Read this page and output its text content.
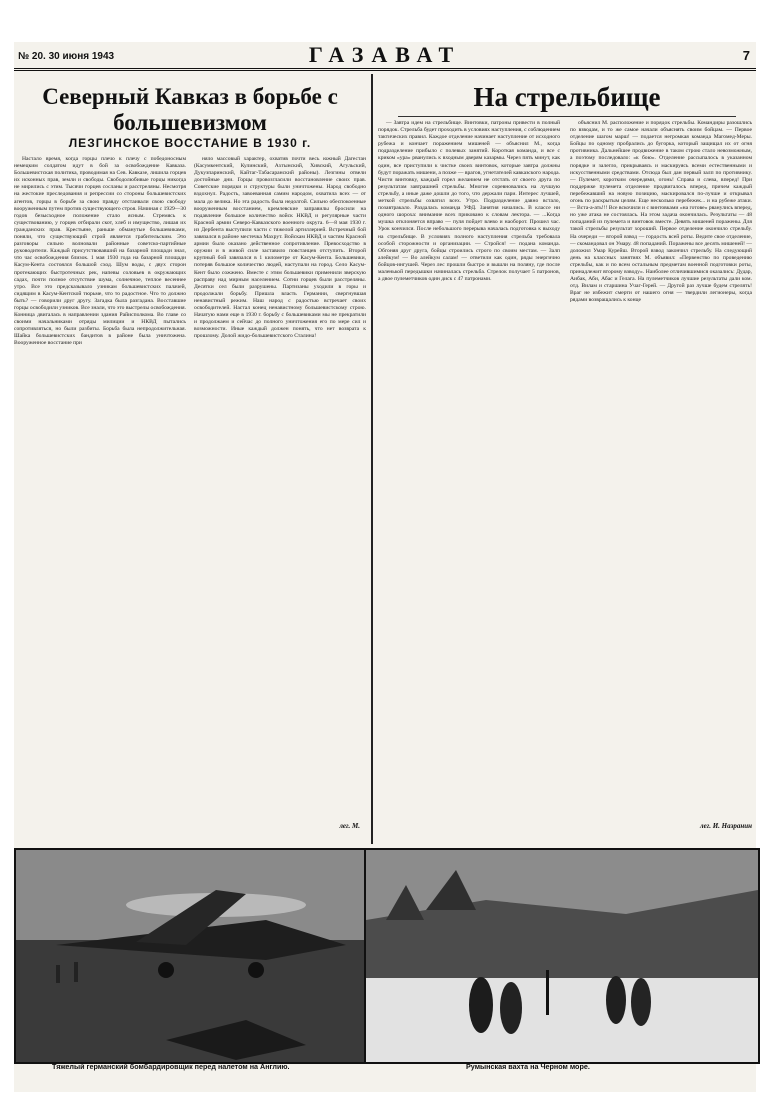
№ 20. 30 июня 1943	ГАЗАВАТ	7
Северный Кавказ в борьбе с большевизмом
ЛЕЗГИНСКОЕ ВОССТАНИЕ В 1930 г.

Настало время, когда горцы плечо к плечу с победоносным немецким солдатом идут в бой за освобождение Кавказа. Большевистская политика, проводимая на Сев. Кавказе, лишила горцев их исконных прав, земли и свободы. Свободолюбивые горцы никогда не мирились с этим. Тысячи горцев сосланы и расстреляны. Несмотря на жестокие преследования и репрессии со стороны большевистских агентов, горцы в борьбе за свою правду отстаивали свою свободу вооруженным путем против существующего строя. Начиная с 1929—30 годов безысходное положение стало ясным. Стремясь к существованию, у горцев отбирали скот, хлеб и имущество, лишая их гражданских прав. Крестьяне, раньше обманутые большевиками, поняли, что существующий строй является грабительским. Это разговоры сильно волновали районные советско-партийные руководители. Каждый присутствовавший на базарной площади знал, что час освобождения близок. 1 мая 1930 года на базарной площади Касум-Кента состоялся большой сход. Шум воды, с двух сторон протекающих быстротечных рек, напевы соловьев в окружающих садах, почти полное отсутствие шума, солнечное, теплое весеннее утро. Все это предсказывало узникам большевистских палачей, сидящим в Касум-Кентской тюрьме, что то радостное. Что то должно быть? — говорили друг другу. Загадка была разгадана. Восставшие горцы освободили узников. Все знали, что это выстрелы освобождения. Конница двигалась в направлении здания Райисполкома. Во главе со своими начальниками отряды милиции и НКВД пытались сопротивляться, но были разбиты. Борьба была непродолжительная. Шайка большевистских бандитов в районе была уничтожена. Вооруженное восстание при

няло массовый характер, охватив почти весь южный Дагестан (Касумкентский, Кулинский, Ахтынский, Хивский, Агульский, Дукузпаринский, Кайтаг-Табасаранский районы). Лезгины отвели достойные дни. Горцы провозгласили восстановление своих прав. Советские порядки и структуры были уничтожены. Народ свободно вздохнул. Радость, завоеванная самим народом, охватила всех — от мала до велика. Но эта радость была недолгой. Сильно обеспокоенные вооруженным восстанием, кремлевские заправилы бросили на подавление большое количество войск НКВД и регулярные части Красной армии Северо-Кавказского военного округа. 6—8 мая 1930 г. из Дербента выступили части с тяжелой артиллерией. Встречный бой завязался в районе местечка Махрут. Войскам НКВД и частям Красной армии было оказано действенное сопротивление. Превосходство в оружии и в живой силе заставило повстанцев отступить. Второй крупный бой завязался в 1 километре от Касум-Кента. Большевики, потеряв большое количество людей, наступали на город. Село Касум-Кент было сожжено. Вместе с этим большевики применили зверскую расправу над мирным населением. Сотни горцев были расстреляны. Десятки сел были разрушены. Партизаны уходили в горы и продолжали борьбу. Пришла власть Германии, свергнувшая ненавистный режим. Наш народ с радостью встречает своих освободителей. Настал конец ненавистному большевистскому строю. Начатую нами еще в 1930 г. борьбу с большевиками мы не прекратили и продолжаем и сейчас до полного уничтожения его по мере сил и возможности. Иные каждый должен понять, что нет возврата к прошлому. Долой жидо-большевистского Сталина!

лег. М.
На стрельбище

— Завтра идем на стрельбище. Винтовки, патроны привести в полный порядок. Стрельба будет проходить в условиях наступления, с соблюдением тактических правил. Каждое отделение начинает наступление от исходного рубежа и кончает поражением мишеней — объяснил М., когда подразделение прибыло с полевых занятий. Короткая команда, и все с криком «ура» рванулись к входным дверям казармы. Через пять минут, как один, все приступили к чистке своих винтовок, которые завтра должны будут поражать мишени, а позже — врагов, угнетателей кавказского народа. Чисти винтовку, каждый горел желанием не отстать от своего друга по результатам завтрашней стрельбы. Многие соревновались на лучшую стрельбу, а иные даже дошли до того, что держали пари. Интерес лучшей, меткой стрельбы охватил всех. Утро. Подразделение давно встало, позавтракало. Раздалась команда УФД. Занятия начались. В классе ни одного шороха: внимание всех приковано к словам лектора. — ...Когда мушка отклоняется вправо — пуля пойдет влево и наоборот. Прошел час. Урок кончился. После небольшого перерыва началась подготовка к выходу на стрельбище. В условиях полного наступления стрельба требовала особой сторожности и организации. — Стройся! — подана команда. Обгоняя друг друга, бойцы строились строго по своим местам. — Залп алейкум! — Во алейкум салам! — ответили как один, ряды энергично бойцов-ингушей. Через лес прошли быстро и вышли на поляну, где после маленькой передышки начиналась стрельба. Стрелок получает 5 патронов, а двое пулеметчиков один диск с 47 патронами.

объяснил М. расположение и порядок стрельбы. Командиры разошлись по взводам, и то же самое начали объяснять своим бойцам. — Первое отделение шагом марш! — подается негромкая команда Магомед-Меры. Бойцы по одному пробрались до бугорка, который защищал их от огня противника. Дальнейшее продвижение в таком строю стало невозможным, а поэтому последовало: «к бою». Отделение рассыпалось в указанном порядке и залегло, прикрываясь и маскируясь всеми естественными и искусственными средствами. Отсюда был дан первый залп по противнику. — Пулемет, коротким очередями, огонь! Справа и слева, вперед! При поддержке пулемета отделение продвигалось вперед, причем каждый перебежавший на новую позицию, маскировался по-лучше и открывал огонь по раскрытым целям. Еще несколько перебежек... и на рубеже атаки. — Вста-а-ать!!! Все вскочили и с винтовками «на готове» рванулись вперед, но уже атака не состоялась. На этом задача окончилась. Результаты — 48 попаданий из пулемета и винтовок вместе. Девять мишеней поражены. Для такой стрельбы результат хороший. Первое отделение окончило стрельбу. На очереди — второй взвод — гордость всей роты. Ведите свое отделение, — скомандовал он Умару. 48 попаданий. Поражены все десять мишеней! — доложил Умар Курейш. Второй взвод закончил стрельбу. На следующий день на классных занятиях М. объявил: «Первенство по проведению стрельбы, как и по всем остальным предметам военной подготовки роты, принадлежит второму взводу». Наиболее отличившимися оказались: Дудар, Аибак, Аби, Абас и Гелага. На пулеметчиков лучшие результаты дали ком. отд. Вилам и старшина Учаг-Герей. — Другой раз лучше будем стрелять! Враг не избежит смерти от нашего огня — твердили легионеры, когда рядами возвращались к конце

лег. И. Назранин
Тяжелый германский бомбардировщик перед налетом на Англию.	Румынская вахта на Черном море.
